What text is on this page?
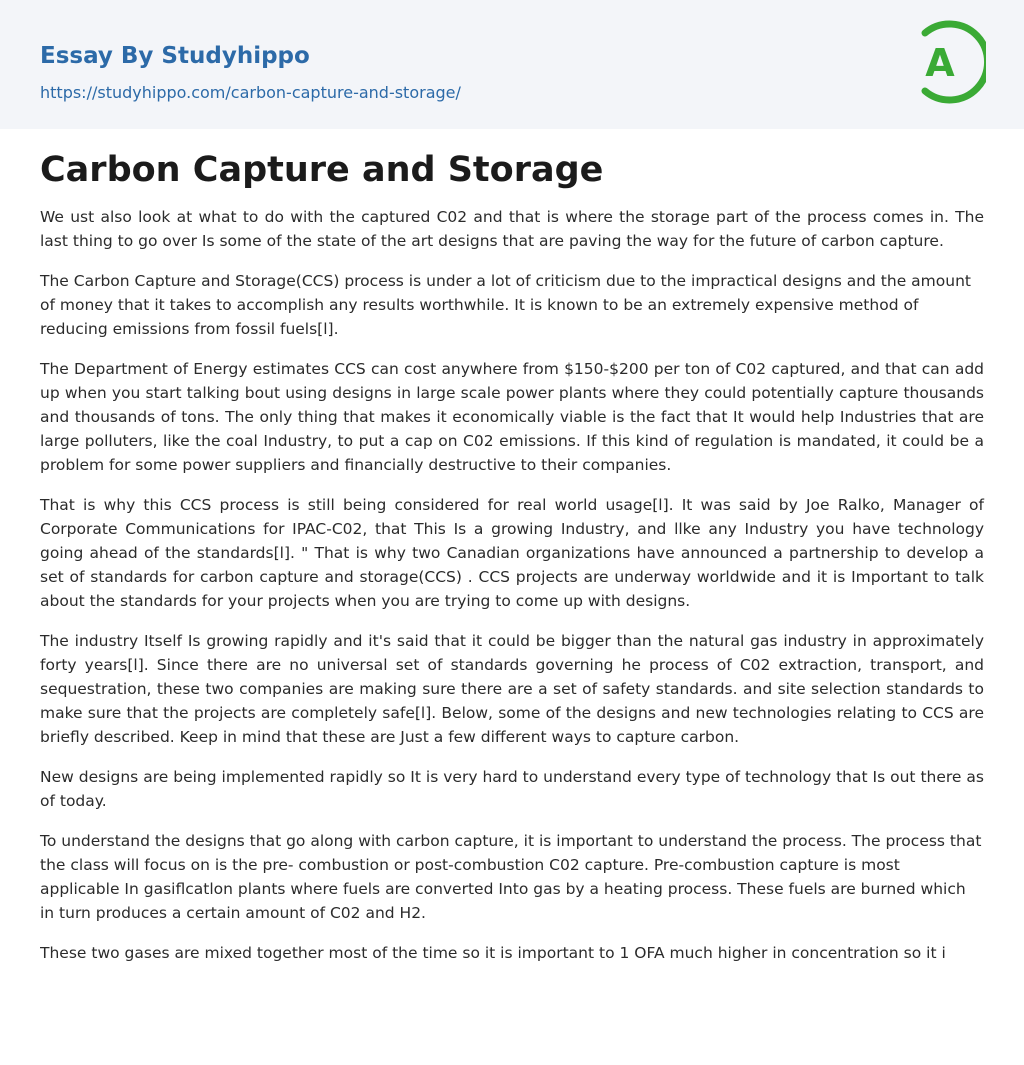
Essay By Studyhippo
https://studyhippo.com/carbon-capture-and-storage/
A
Carbon Capture and Storage

We ust also look at what to do with the captured C02 and that is where the storage part of the process comes in. The last thing to go over Is some of the state of the art designs that are paving the way for the future of carbon capture.

The Carbon Capture and Storage(CCS) process is under a lot of criticism due to the impractical designs and the amount of money that it takes to accomplish any results worthwhile. It is known to be an extremely expensive method of reducing emissions from fossil fuels[l].

The Department of Energy estimates CCS can cost anywhere from $150-$200 per ton of C02 captured, and that can add up when you start talking bout using designs in large scale power plants where they could potentially capture thousands and thousands of tons. The only thing that makes it economically viable is the fact that It would help Industries that are large polluters, like the coal Industry, to put a cap on C02 emissions. If this kind of regulation is mandated, it could be a problem for some power suppliers and financially destructive to their companies.

That is why this CCS process is still being considered for real world usage[l]. It was said by Joe Ralko, Manager of Corporate Communications for IPAC-C02, that This Is a growing Industry, and llke any Industry you have technology going ahead of the standards[l]. " That is why two Canadian organizations have announced a partnership to develop a set of standards for carbon capture and storage(CCS) . CCS projects are underway worldwide and it is Important to talk about the standards for your projects when you are trying to come up with designs.

The industry Itself Is growing rapidly and it's said that it could be bigger than the natural gas industry in approximately forty years[l]. Since there are no universal set of standards governing he process of C02 extraction, transport, and sequestration, these two companies are making sure there are a set of safety standards. and site selection standards to make sure that the projects are completely safe[l]. Below, some of the designs and new technologies relating to CCS are briefly described. Keep in mind that these are Just a few different ways to capture carbon.

New designs are being implemented rapidly so It is very hard to understand every type of technology that Is out there as of today.

To understand the designs that go along with carbon capture, it is important to understand the process. The process that the class will focus on is the pre- combustion or post-combustion C02 capture. Pre-combustion capture is most applicable In gasiflcatlon plants where fuels are converted Into gas by a heating process. These fuels are burned which in turn produces a certain amount of C02 and H2.

These two gases are mixed together most of the time so it is important to 1 OFA much higher in concentration so it i
